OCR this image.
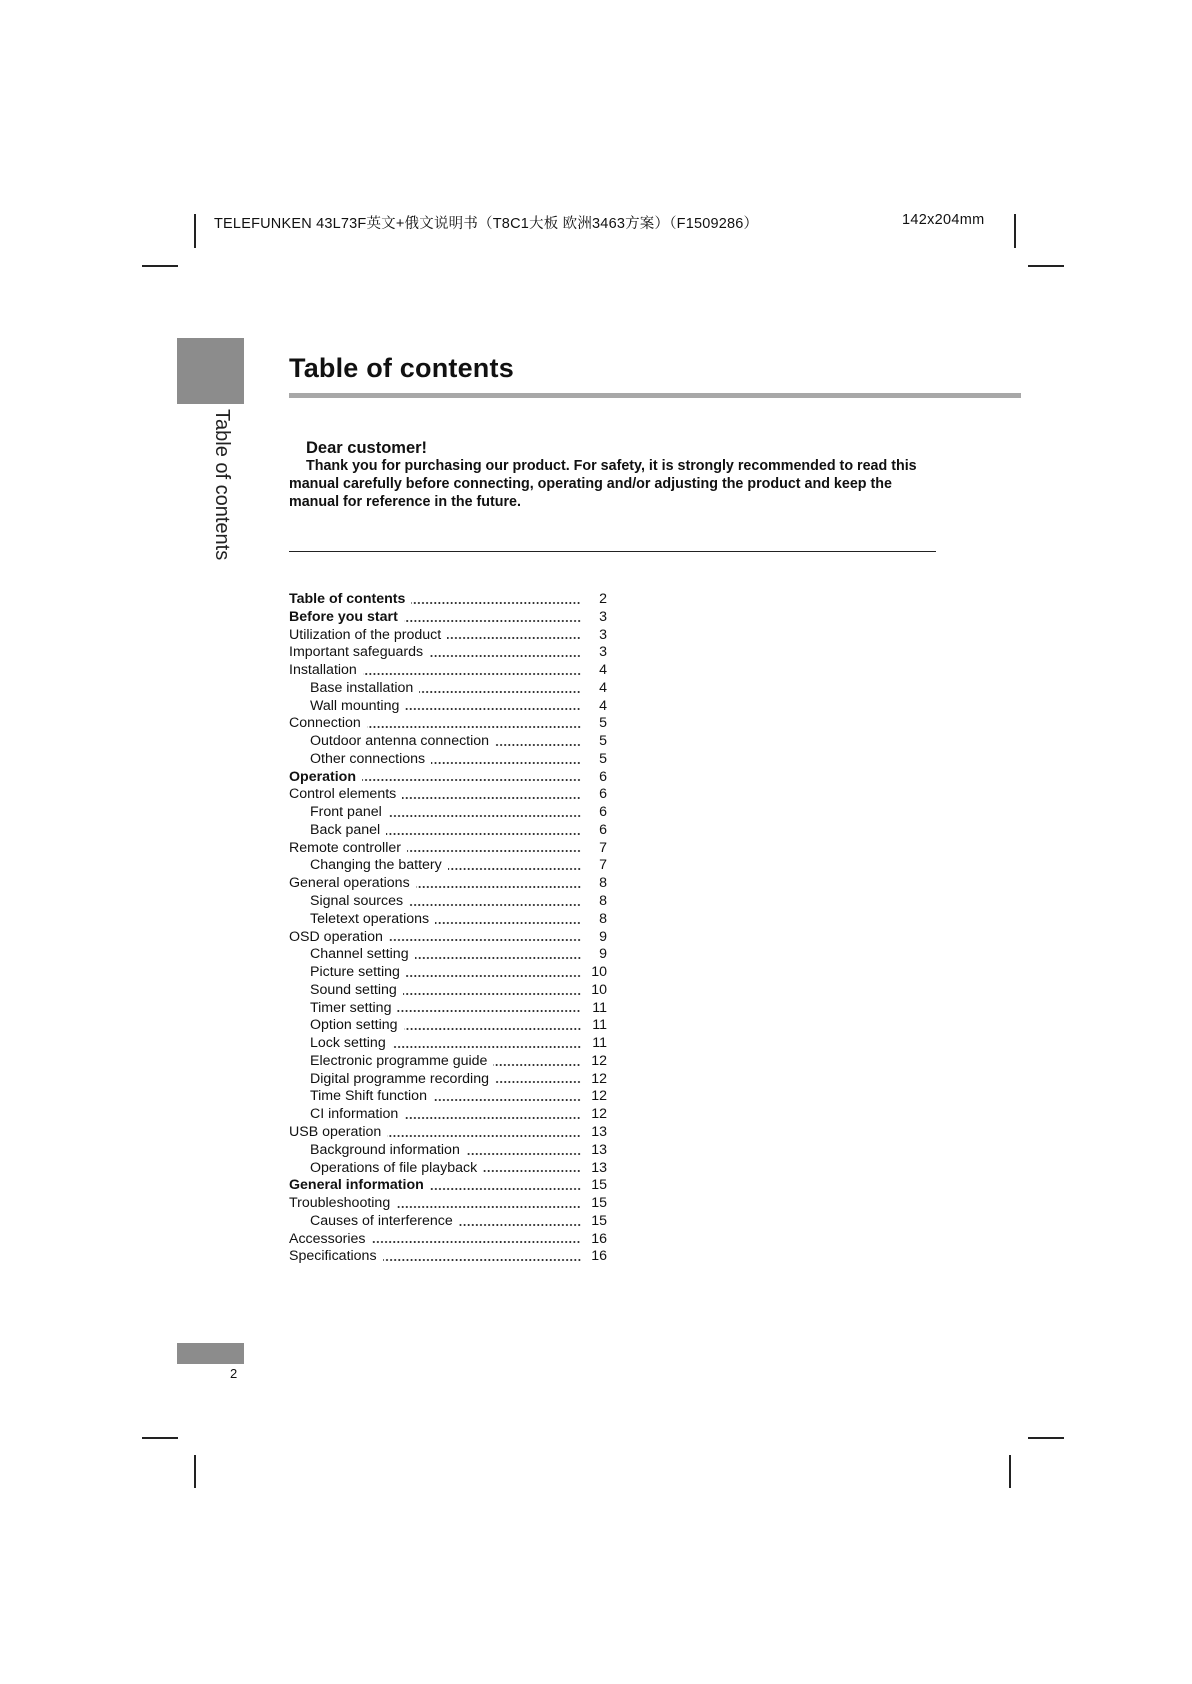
TELEFUNKEN 43L73F英文+俄文说明书（T8C1大板 欧洲3463方案）（F1509286）	142x204mm
Table of contents
Table of contents
Dear customer!
Thank you for purchasing our product. For safety, it is strongly recommended to read this manual carefully before connecting, operating and/or adjusting the product and keep the manual for reference in the future.
Table of contents	2
Before you start	3
Utilization of the product	3
Important safeguards	3
Installation	4
Base installation	4
Wall mounting	4
Connection	5
Outdoor antenna connection	5
Other connections	5
Operation	6
Control elements	6
Front panel	6
Back panel	6
Remote controller	7
Changing the battery	7
General operations	8
Signal sources	8
Teletext operations	8
OSD operation	9
Channel setting	9
Picture setting	10
Sound setting	10
Timer setting	11
Option setting	11
Lock setting	11
Electronic programme guide	12
Digital programme recording	12
Time Shift function	12
CI information	12
USB operation	13
Background information	13
Operations of file playback	13
General information	15
Troubleshooting	15
Causes of interference	15
Accessories	16
Specifications	16
2
